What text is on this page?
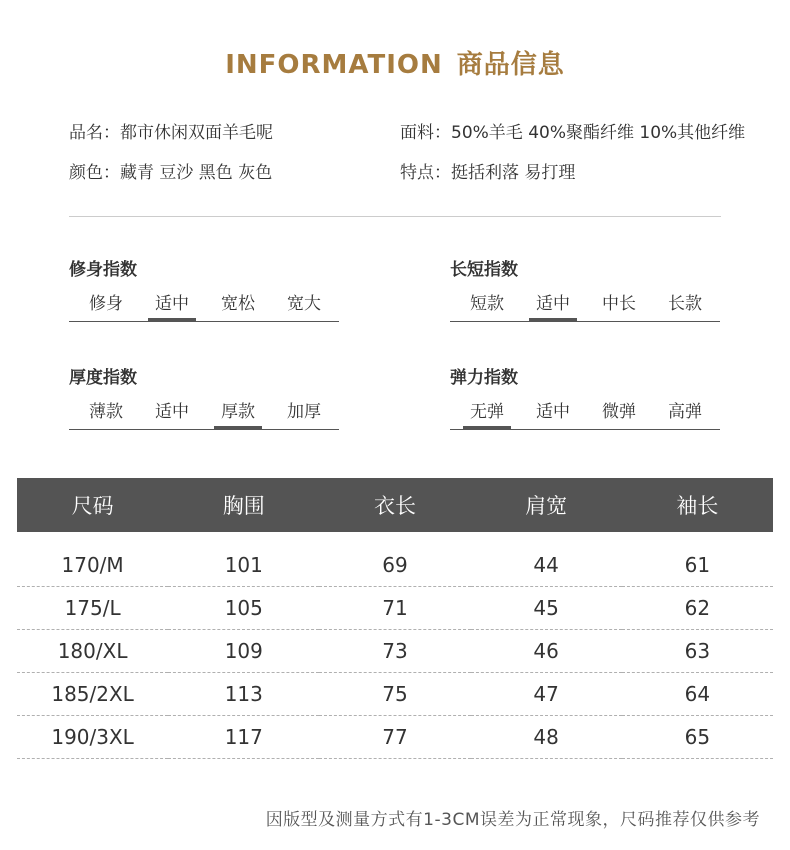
INFORMATION 商品信息
品名：都市休闲双面羊毛呢	面料：50%羊毛 40%聚酯纤维 10%其他纤维
颜色：藏青 豆沙 黑色 灰色	特点：挺括利落 易打理
修身指数
修身	适中	宽松	宽大
长短指数
短款	适中	中长	长款
厚度指数
薄款	适中	厚款	加厚
弹力指数
无弹	适中	微弹	高弹
尺码	胸围	衣长	肩宽	袖长

170/M	101	69	44	61
175/L	105	71	45	62
180/XL	109	73	46	63
185/2XL	113	75	47	64
190/3XL	117	77	48	65
因版型及测量方式有1-3CM误差为正常现象，尺码推荐仅供参考
